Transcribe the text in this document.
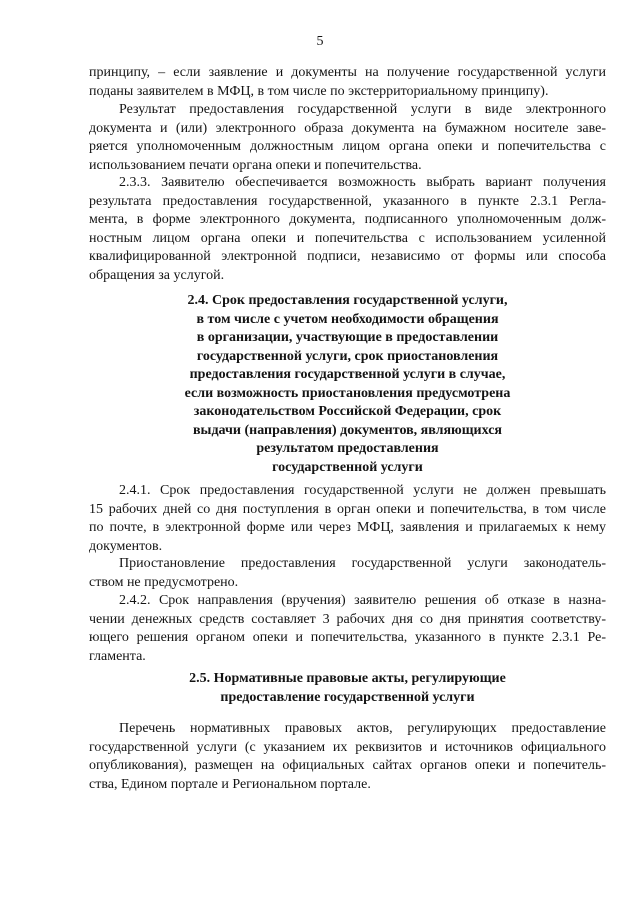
5
принципу, – если заявление и документы на получение государственной услуги
поданы заявителем в МФЦ, в том числе по экстерриториальному принципу).
Результат предоставления государственной услуги в виде электронного
документа и (или) электронного образа документа на бумажном носителе заве-
ряется уполномоченным должностным лицом органа опеки и попечительства с
использованием печати органа опеки и попечительства.
2.3.3. Заявителю обеспечивается возможность выбрать вариант получения
результата предоставления государственной, указанного в пункте 2.3.1 Регла-
мента, в форме электронного документа, подписанного уполномоченным долж-
ностным лицом органа опеки и попечительства с использованием усиленной
квалифицированной электронной подписи, независимо от формы или способа
обращения за услугой.
2.4. Срок предоставления государственной услуги,
в том числе с учетом необходимости обращения
в организации, участвующие в предоставлении
государственной услуги, срок приостановления
предоставления государственной услуги в случае,
если возможность приостановления предусмотрена
законодательством Российской Федерации, срок
выдачи (направления) документов, являющихся
результатом предоставления
государственной услуги
2.4.1. Срок предоставления государственной услуги не должен превышать
15 рабочих дней со дня поступления в орган опеки и попечительства, в том числе
по почте, в электронной форме или через МФЦ, заявления и прилагаемых к нему
документов.
Приостановление предоставления государственной услуги законодатель-
ством не предусмотрено.
2.4.2. Срок направления (вручения) заявителю решения об отказе в назна-
чении денежных средств составляет 3 рабочих дня со дня принятия соответству-
ющего решения органом опеки и попечительства, указанного в пункте 2.3.1 Ре-
гламента.
2.5. Нормативные правовые акты, регулирующие
предоставление государственной услуги
Перечень нормативных правовых актов, регулирующих предоставление
государственной услуги (с указанием их реквизитов и источников официального
опубликования), размещен на официальных сайтах органов опеки и попечитель-
ства, Едином портале и Региональном портале.
